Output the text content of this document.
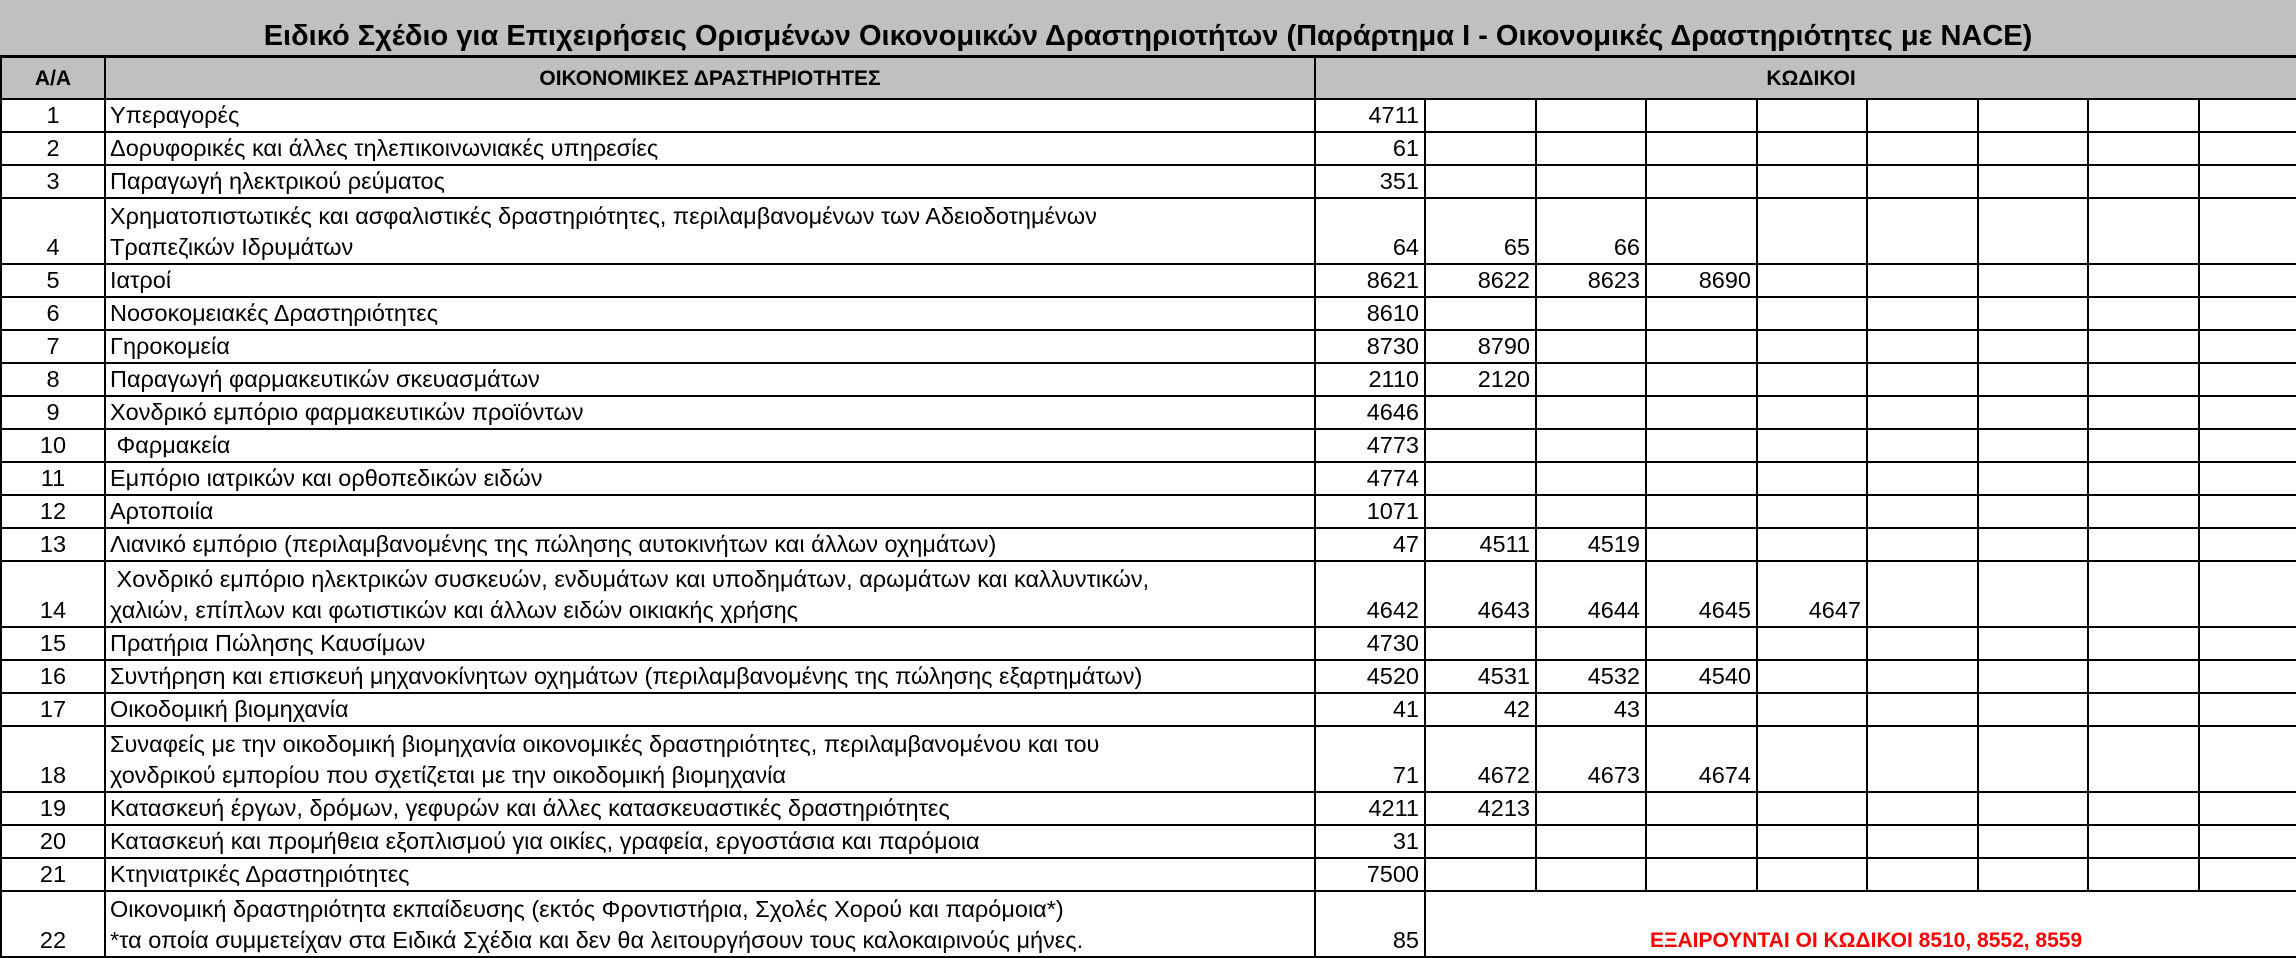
Ειδικό Σχέδιο για Επιχειρήσεις Ορισμένων Οικονομικών Δραστηριοτήτων (Παράρτημα Ι - Οικονομικές Δραστηριότητες με NACE)
Α/Α	ΟΙΚΟΝΟΜΙΚΕΣ ΔΡΑΣΤΗΡΙΟΤΗΤΕΣ	ΚΩΔΙΚΟΙ								
1	Υπεραγορές	4711								
2	Δορυφορικές και άλλες τηλεπικοινωνιακές υπηρεσίες	61								
3	Παραγωγή ηλεκτρικού ρεύματος	351								
4	Χρηματοπιστωτικές και ασφαλιστικές δραστηριότητες, περιλαμβανομένων των Αδειοδοτημένων
Τραπεζικών Ιδρυμάτων	64	65	66						
5	Ιατροί	8621	8622	8623	8690					
6	Νοσοκομειακές Δραστηριότητες	8610								
7	Γηροκομεία	8730	8790							
8	Παραγωγή φαρμακευτικών σκευασμάτων	2110	2120							
9	Χονδρικό εμπόριο φαρμακευτικών προϊόντων	4646								
10	Φαρμακεία	4773								
11	Εμπόριο ιατρικών και ορθοπεδικών ειδών	4774								
12	Αρτοποιία	1071								
13	Λιανικό εμπόριο (περιλαμβανομένης της πώλησης αυτοκινήτων και άλλων οχημάτων)	47	4511	4519						
14	Χονδρικό εμπόριο ηλεκτρικών συσκευών, ενδυμάτων και υποδημάτων, αρωμάτων και καλλυντικών,
χαλιών, επίπλων και φωτιστικών και άλλων ειδών οικιακής χρήσης	4642	4643	4644	4645	4647				
15	Πρατήρια Πώλησης Καυσίμων	4730								
16	Συντήρηση και επισκευή μηχανοκίνητων οχημάτων (περιλαμβανομένης της πώλησης εξαρτημάτων)	4520	4531	4532	4540					
17	Οικοδομική βιομηχανία	41	42	43						
18	Συναφείς με την οικοδομική βιομηχανία οικονομικές δραστηριότητες, περιλαμβανομένου και του
χονδρικού εμπορίου που σχετίζεται με την οικοδομική βιομηχανία	71	4672	4673	4674					
19	Κατασκευή έργων, δρόμων, γεφυρών και άλλες κατασκευαστικές δραστηριότητες	4211	4213							
20	Κατασκευή και προμήθεια εξοπλισμού για οικίες, γραφεία, εργοστάσια και παρόμοια	31								
21	Κτηνιατρικές Δραστηριότητες	7500								
22	Οικονομική δραστηριότητα εκπαίδευσης (εκτός Φροντιστήρια, Σχολές Χορού και παρόμοια*)
*τα οποία συμμετείχαν στα Ειδικά Σχέδια και δεν θα λειτουργήσουν τους καλοκαιρινούς μήνες.	85	ΕΞΑΙΡΟΥΝΤΑΙ ΟΙ ΚΩΔΙΚΟΙ 8510, 8552, 8559							
